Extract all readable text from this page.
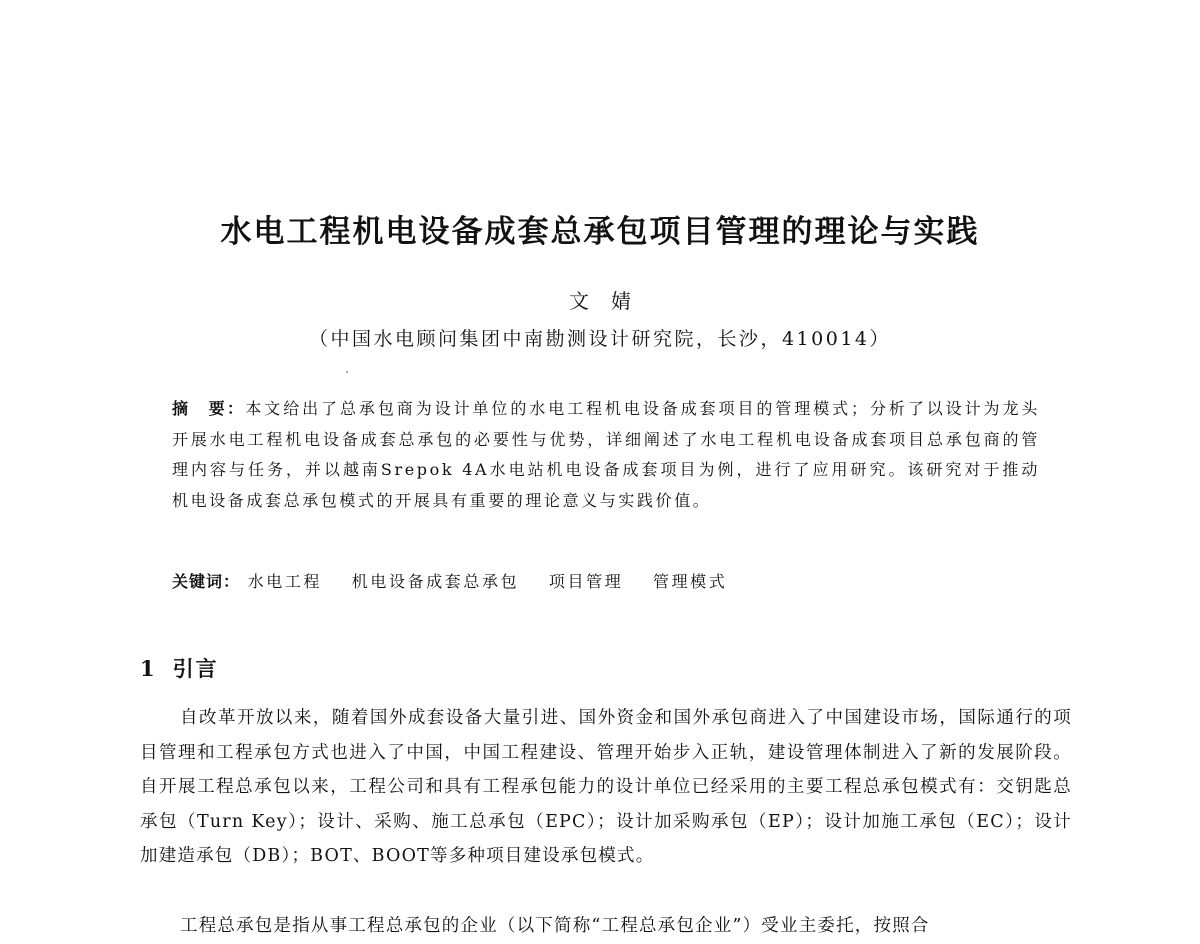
水电工程机电设备成套总承包项目管理的理论与实践
文婧
（中国水电顾问集团中南勘测设计研究院，长沙，410014）
摘 要：本文给出了总承包商为设计单位的水电工程机电设备成套项目的管理模式；分析了以设计为龙头开展水电工程机电设备成套总承包的必要性与优势，详细阐述了水电工程机电设备成套项目总承包商的管理内容与任务，并以越南Srepok 4A水电站机电设备成套项目为例，进行了应用研究。该研究对于推动机电设备成套总承包模式的开展具有重要的理论意义与实践价值。
关键词： 水电工程 机电设备成套总承包 项目管理 管理模式
1 引言

自改革开放以来，随着国外成套设备大量引进、国外资金和国外承包商进入了中国建设市场，国际通行的项目管理和工程承包方式也进入了中国，中国工程建设、管理开始步入正轨，建设管理体制进入了新的发展阶段。自开展工程总承包以来，工程公司和具有工程承包能力的设计单位已经采用的主要工程总承包模式有：交钥匙总承包（Turn Key）；设计、采购、施工总承包（EPC）；设计加采购承包（EP）；设计加施工承包（EC）；设计加建造承包（DB）；BOT、BOOT等多种项目建设承包模式。

工程总承包是指从事工程总承包的企业（以下简称“工程总承包企业”）受业主委托，按照合
